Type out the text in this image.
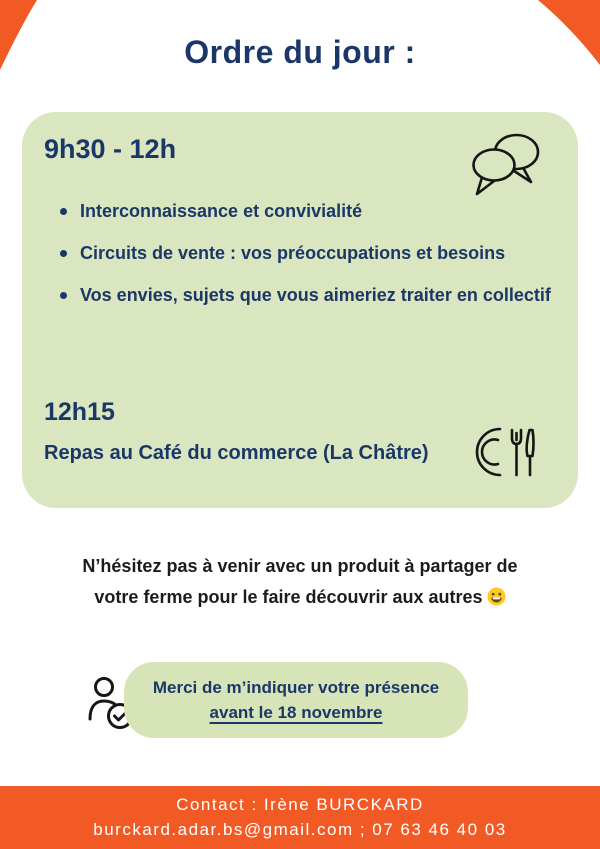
Ordre du jour :
9h30 - 12h
Interconnaissance et convivialité
Circuits de vente : vos préoccupations et besoins
Vos envies, sujets que vous aimeriez traiter en collectif
12h15

Repas au Café du commerce (La Châtre)

N’hésitez pas à venir avec un produit à partager de
votre ferme pour le faire découvrir aux autres

Merci de m’indiquer votre présence
avant le 18 novembre
Contact : Irène BURCKARD
burckard.adar.bs@gmail.com ; 07 63 46 40 03
